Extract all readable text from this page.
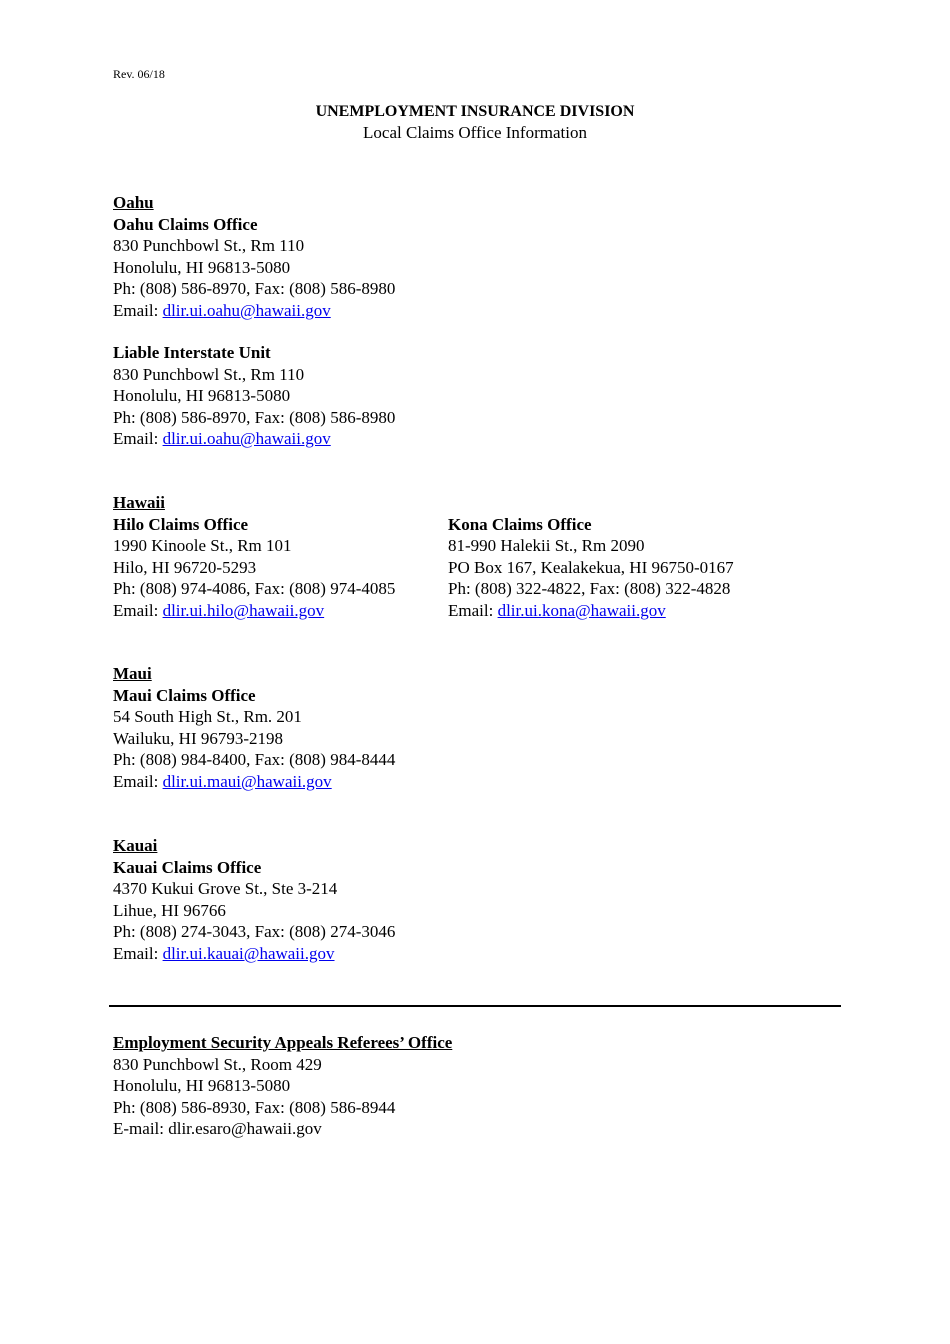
Rev. 06/18
UNEMPLOYMENT INSURANCE DIVISION
Local Claims Office Information
Oahu
Oahu Claims Office
830 Punchbowl St., Rm 110
Honolulu, HI 96813-5080
Ph: (808) 586-8970, Fax: (808) 586-8980
Email: dlir.ui.oahu@hawaii.gov
Liable Interstate Unit
830 Punchbowl St., Rm 110
Honolulu, HI 96813-5080
Ph: (808) 586-8970, Fax: (808) 586-8980
Email: dlir.ui.oahu@hawaii.gov
Hawaii
Hilo Claims Office
1990 Kinoole St., Rm 101
Hilo, HI 96720-5293
Ph: (808) 974-4086, Fax: (808) 974-4085
Email: dlir.ui.hilo@hawaii.gov
Kona Claims Office
81-990 Halekii St., Rm 2090
PO Box 167, Kealakekua, HI 96750-0167
Ph: (808) 322-4822, Fax: (808) 322-4828
Email: dlir.ui.kona@hawaii.gov
Maui
Maui Claims Office
54 South High St., Rm. 201
Wailuku, HI 96793-2198
Ph: (808) 984-8400, Fax: (808) 984-8444
Email: dlir.ui.maui@hawaii.gov
Kauai
Kauai Claims Office
4370 Kukui Grove St., Ste 3-214
Lihue, HI 96766
Ph: (808) 274-3043, Fax: (808) 274-3046
Email: dlir.ui.kauai@hawaii.gov
Employment Security Appeals Referees’ Office
830 Punchbowl St., Room 429
Honolulu, HI 96813-5080
Ph: (808) 586-8930, Fax: (808) 586-8944
E-mail: dlir.esaro@hawaii.gov
